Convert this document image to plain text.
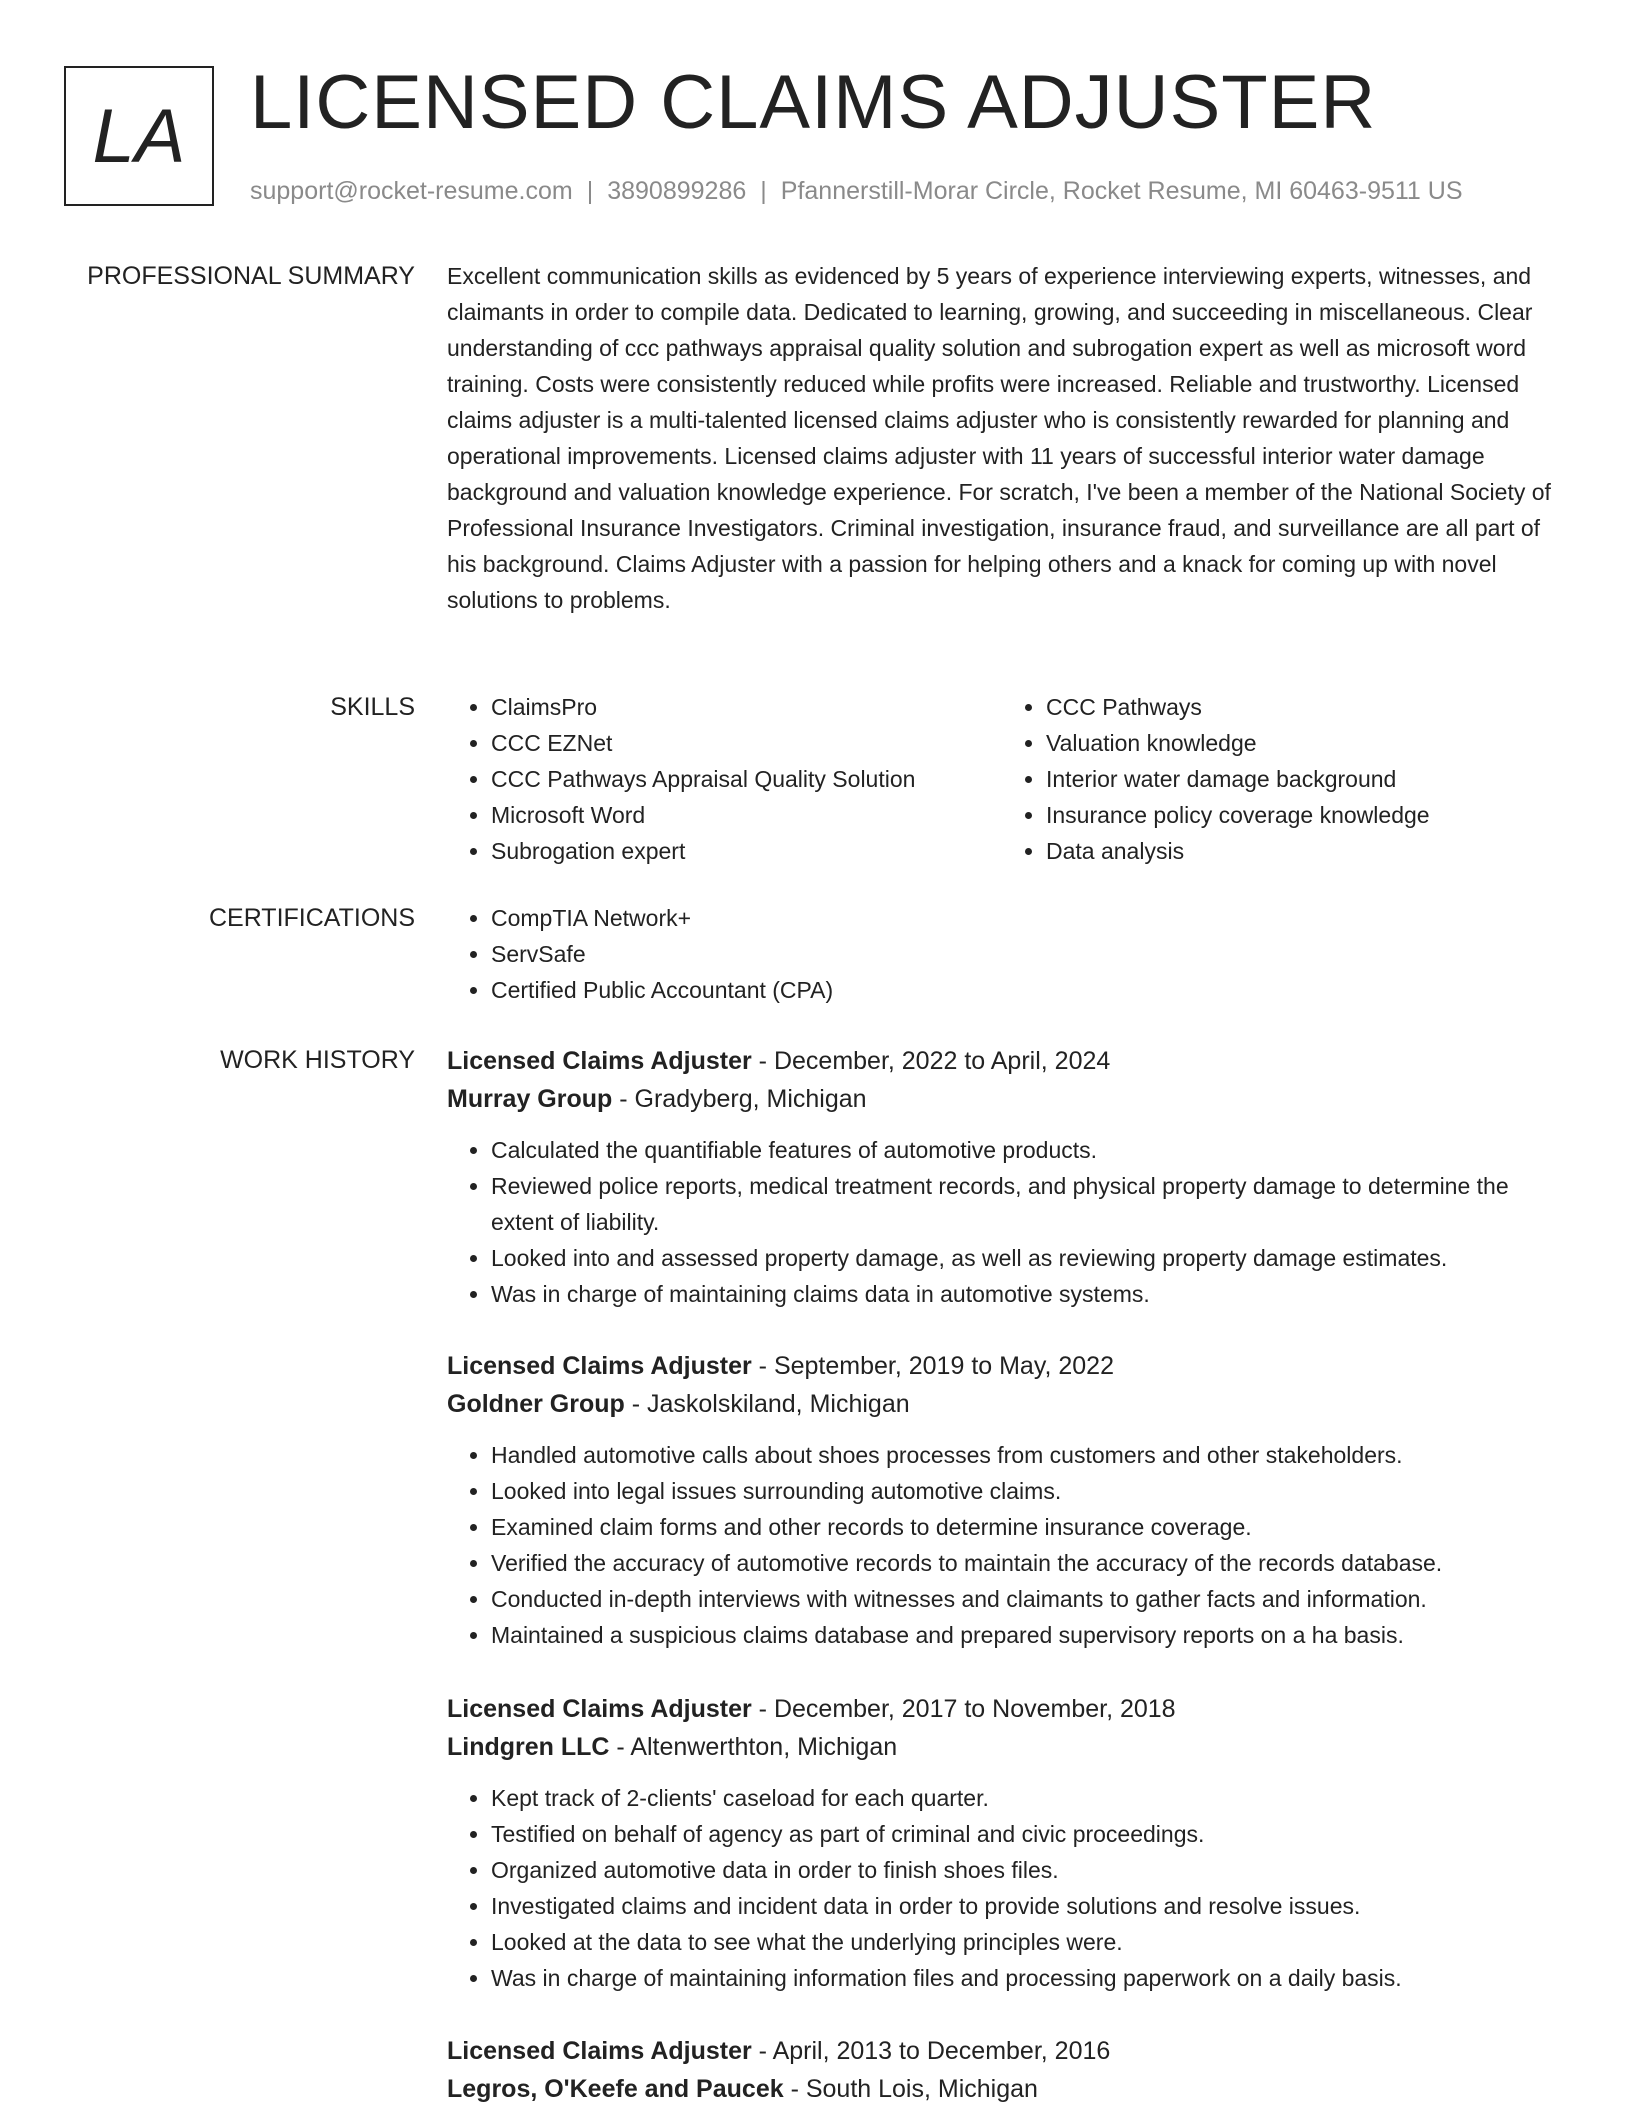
LA LICENSED CLAIMS ADJUSTER
support@rocket-resume.com | 3890899286 | Pfannerstill-Morar Circle, Rocket Resume, MI 60463-9511 US
PROFESSIONAL SUMMARY Excellent communication skills as evidenced by 5 years of experience interviewing experts, witnesses, and claimants in order to compile data. Dedicated to learning, growing, and succeeding in miscellaneous. Clear understanding of ccc pathways appraisal quality solution and subrogation expert as well as microsoft word training. Costs were consistently reduced while profits were increased. Reliable and trustworthy. Licensed claims adjuster is a multi-talented licensed claims adjuster who is consistently rewarded for planning and operational improvements. Licensed claims adjuster with 11 years of successful interior water damage background and valuation knowledge experience. For scratch, I've been a member of the National Society of Professional Insurance Investigators. Criminal investigation, insurance fraud, and surveillance are all part of his background. Claims Adjuster with a passion for helping others and a knack for coming up with novel solutions to problems.

SKILLS	• ClaimsPro
• CCC EZNet
• CCC Pathways Appraisal Quality Solution
• Microsoft Word
• Subrogation expert
• CCC Pathways
• Valuation knowledge
• Interior water damage background
• Insurance policy coverage knowledge
• Data analysis
CERTIFICATIONS	• CompTIA Network+
• ServSafe
• Certified Public Accountant (CPA)
WORK HISTORY Licensed Claims Adjuster - December, 2022 to April, 2024
Murray Group - Gradyberg, Michigan
• Calculated the quantifiable features of automotive products.
• Reviewed police reports, medical treatment records, and physical property damage to determine the extent of liability.
• Looked into and assessed property damage, as well as reviewing property damage estimates.
• Was in charge of maintaining claims data in automotive systems.
Licensed Claims Adjuster - September, 2019 to May, 2022
Goldner Group - Jaskolskiland, Michigan
• Handled automotive calls about shoes processes from customers and other stakeholders.
• Looked into legal issues surrounding automotive claims.
• Examined claim forms and other records to determine insurance coverage.
• Verified the accuracy of automotive records to maintain the accuracy of the records database.
• Conducted in-depth interviews with witnesses and claimants to gather facts and information.
• Maintained a suspicious claims database and prepared supervisory reports on a ha basis.
Licensed Claims Adjuster - December, 2017 to November, 2018
Lindgren LLC - Altenwerthton, Michigan
• Kept track of 2-clients' caseload for each quarter.
• Testified on behalf of agency as part of criminal and civic proceedings.
• Organized automotive data in order to finish shoes files.
• Investigated claims and incident data in order to provide solutions and resolve issues.
• Looked at the data to see what the underlying principles were.
• Was in charge of maintaining information files and processing paperwork on a daily basis.
Licensed Claims Adjuster - April, 2013 to December, 2016
Legros, O'Keefe and Paucek - South Lois, Michigan
